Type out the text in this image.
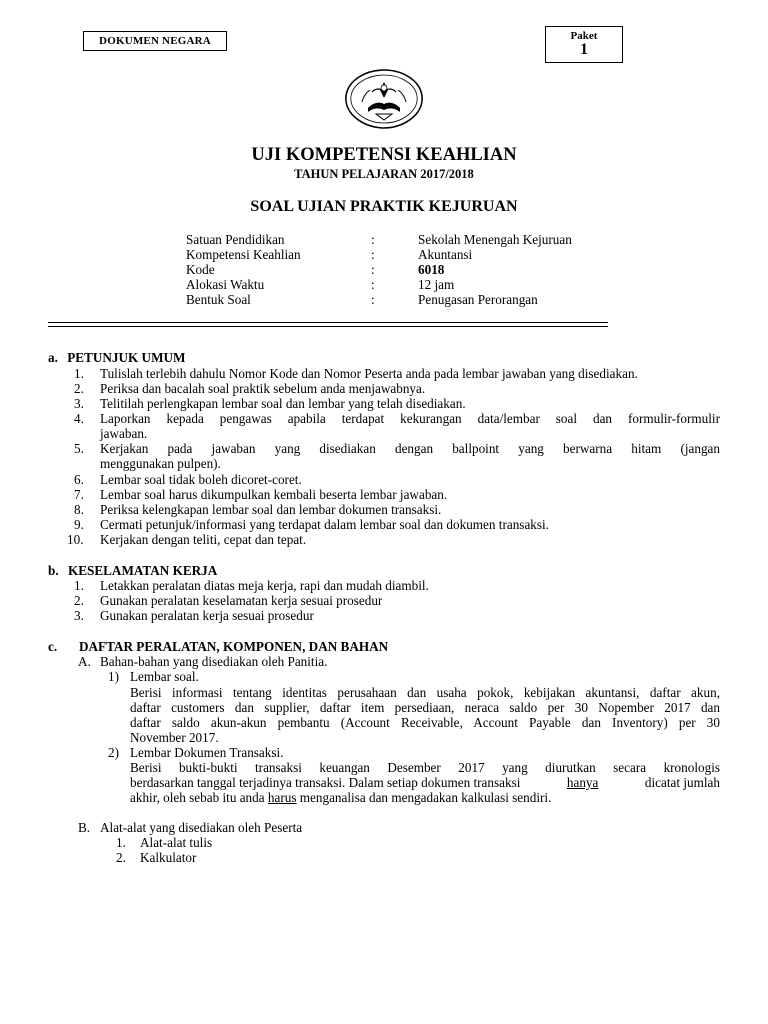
DOKUMEN NEGARA	Paket
1
UJI KOMPETENSI KEAHLIAN
TAHUN PELAJARAN 2017/2018
SOAL UJIAN PRAKTIK KEJURUAN
Satuan Pendidikan	:	Sekolah Menengah Kejuruan
Kompetensi Keahlian	:	Akuntansi
Kode	:	6018
Alokasi Waktu	:	12 jam
Bentuk Soal	:	Penugasan Perorangan
a. PETUNJUK UMUM
1. Tulislah terlebih dahulu Nomor Kode dan Nomor Peserta anda pada lembar jawaban yang disediakan.
2. Periksa dan bacalah soal praktik sebelum anda menjawabnya.
3. Telitilah perlengkapan lembar soal dan lembar yang telah disediakan.
4. Laporkan kepada pengawas apabila terdapat kekurangan data/lembar soal dan formulir-formulir
jawaban.
5. Kerjakan pada jawaban yang disediakan dengan ballpoint yang berwarna hitam (jangan
menggunakan pulpen).
6. Lembar soal tidak boleh dicoret-coret.
7. Lembar soal harus dikumpulkan kembali beserta lembar jawaban.
8. Periksa kelengkapan lembar soal dan lembar dokumen transaksi.
9. Cermati petunjuk/informasi yang terdapat dalam lembar soal dan dokumen transaksi.
10. Kerjakan dengan teliti, cepat dan tepat.
b. KESELAMATAN KERJA
1. Letakkan peralatan diatas meja kerja, rapi dan mudah diambil.
2. Gunakan peralatan keselamatan kerja sesuai prosedur
3. Gunakan peralatan kerja sesuai prosedur
c. DAFTAR PERALATAN, KOMPONEN, DAN BAHAN
A. Bahan-bahan yang disediakan oleh Panitia.
1) Lembar soal.
Berisi informasi tentang identitas perusahaan dan usaha pokok, kebijakan akuntansi, daftar akun,
daftar customers dan supplier, daftar item persediaan, neraca saldo per 30 Nopember 2017 dan
daftar saldo akun-akun pembantu (Account Receivable, Account Payable dan Inventory) per 30
November 2017.
2) Lembar Dokumen Transaksi.
Berisi bukti-bukti transaksi keuangan Desember 2017 yang diurutkan secara kronologis
berdasarkan tanggal terjadinya transaksi. Dalam setiap dokumen transaksi	hanya	dicatat jumlah
akhir, oleh sebab itu anda harus menganalisa dan mengadakan kalkulasi sendiri.
B. Alat-alat yang disediakan oleh Peserta
1. Alat-alat tulis
2. Kalkulator
